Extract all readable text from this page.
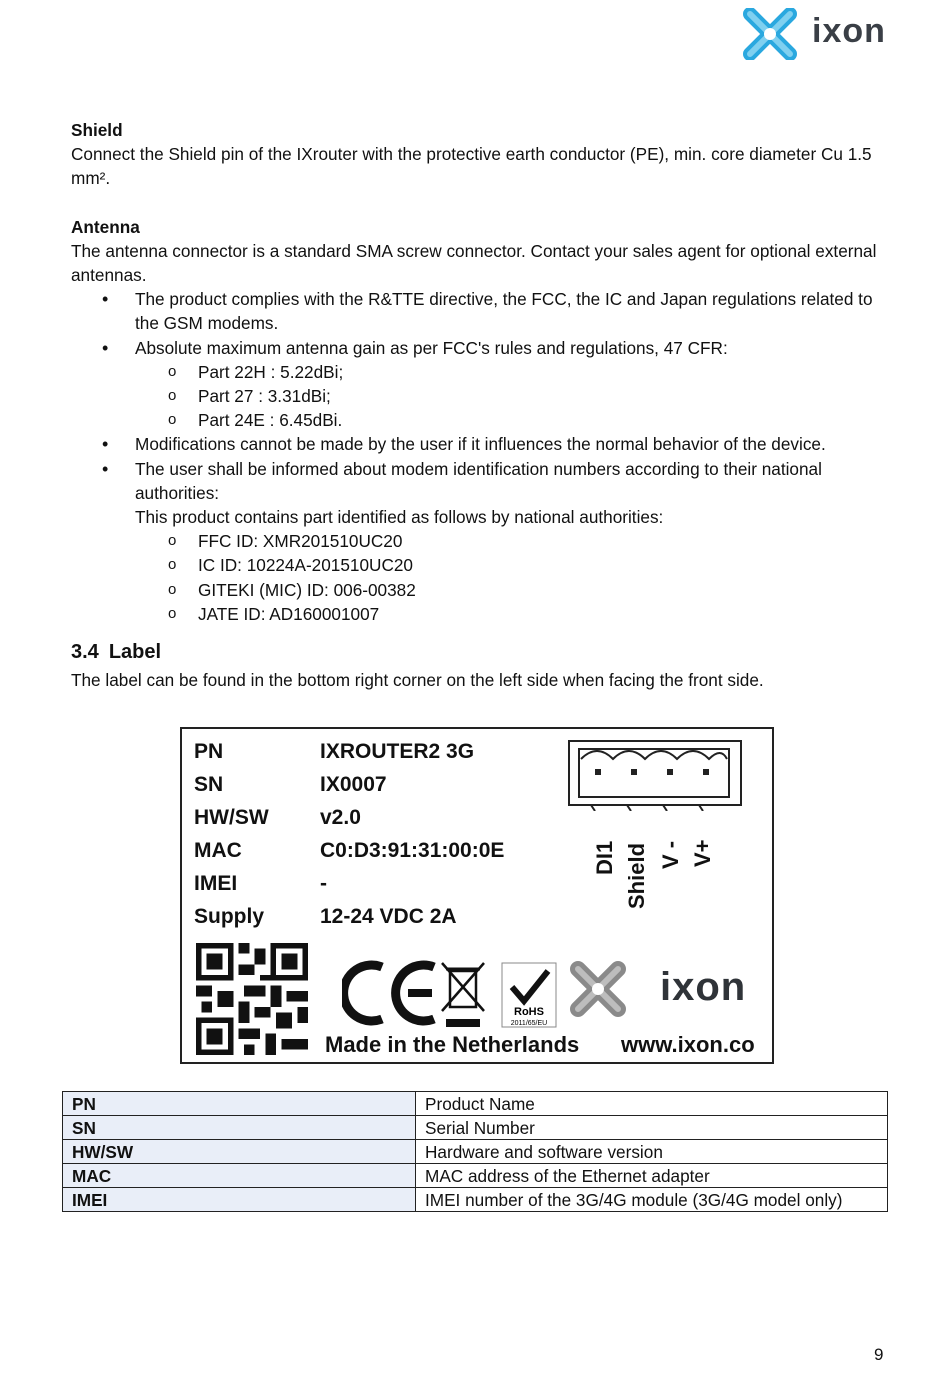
ixon

Shield

Connect the Shield pin of the IXrouter with the protective earth conductor (PE), min. core diameter Cu 1.5 mm².

Antenna

The antenna connector is a standard SMA screw connector. Contact your sales agent for optional external antennas.

• The product complies with the R&TTE directive, the FCC, the IC and Japan regulations related to the GSM modems.
• Absolute maximum antenna gain as per FCC's rules and regulations, 47 CFR:
o Part 22H : 5.22dBi;
o Part 27 : 3.31dBi;
o Part 24E : 6.45dBi.
• Modifications cannot be made by the user if it influences the normal behavior of the device.
• The user shall be informed about modem identification numbers according to their national authorities:
This product contains part identified as follows by national authorities:
o FFC ID: XMR201510UC20
o IC ID: 10224A-201510UC20
o GITEKI (MIC) ID: 006-00382
o JATE ID: AD160001007
3.4 Label

The label can be found in the bottom right corner on the left side when facing the front side.

PN	IXROUTER2 3G
SN	IX0007
HW/SW	v2.0
MAC	C0:D3:91:31:00:0E
IMEI	-
Supply	12-24 VDC 2A
DI1 Shield V - V+
RoHS
2011/65/EU
ixon
Made in the Netherlands www.ixon.co
PN	Product Name
SN	Serial Number
HW/SW	Hardware and software version
MAC	MAC address of the Ethernet adapter
IMEI	IMEI number of the 3G/4G module (3G/4G model only)
9
